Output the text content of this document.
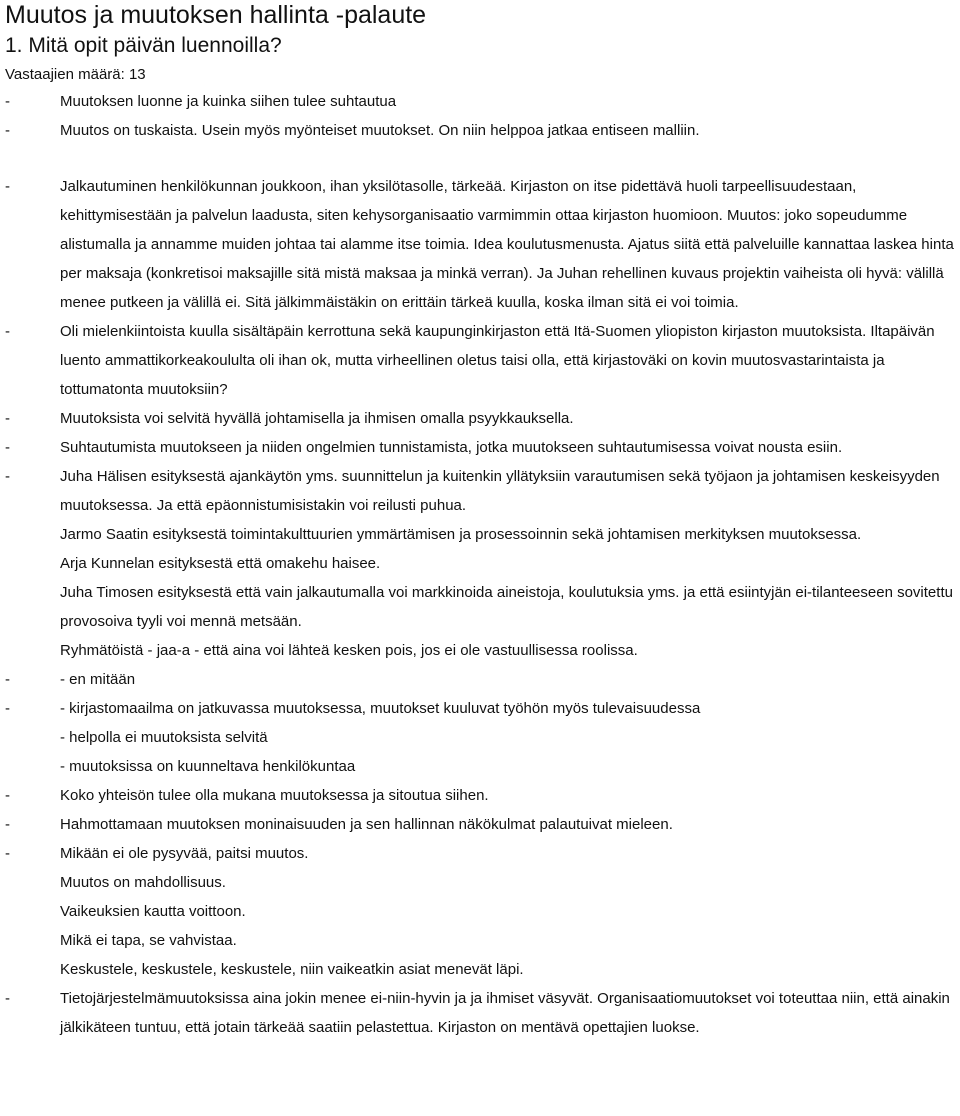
Muutos ja muutoksen hallinta -palaute
1. Mitä opit päivän luennoilla?
Vastaajien määrä: 13
-	Muutoksen luonne ja kuinka siihen tulee suhtautua
-	Muutos on tuskaista. Usein myös myönteiset muutokset. On niin helppoa jatkaa entiseen malliin.
-	Jalkautuminen henkilökunnan joukkoon, ihan yksilötasolle, tärkeää. Kirjaston on itse pidettävä huoli tarpeellisuudestaan, kehittymisestään ja palvelun laadusta, siten kehysorganisaatio varmimmin ottaa kirjaston huomioon. Muutos: joko sopeudumme alistumalla ja annamme muiden johtaa tai alamme itse toimia. Idea koulutusmenusta. Ajatus siitä että palveluille kannattaa laskea hinta per maksaja (konkretisoi maksajille sitä mistä maksaa ja minkä verran). Ja Juhan rehellinen kuvaus projektin vaiheista oli hyvä: välillä menee putkeen ja välillä ei. Sitä jälkimmäistäkin on erittäin tärkeä kuulla, koska ilman sitä ei voi toimia.
-	Oli mielenkiintoista kuulla sisältäpäin kerrottuna sekä kaupunginkirjaston että Itä-Suomen yliopiston kirjaston muutoksista. Iltapäivän luento ammattikorkeakoululta oli ihan ok, mutta virheellinen oletus taisi olla, että kirjastoväki on kovin muutosvastarintaista ja tottumatonta muutoksiin?
-	Muutoksista voi selvitä hyvällä johtamisella ja ihmisen omalla psyykkauksella.
-	Suhtautumista muutokseen ja niiden ongelmien tunnistamista, jotka muutokseen suhtautumisessa voivat nousta esiin.
-	Juha Hälisen esityksestä ajankäytön yms. suunnittelun ja kuitenkin yllätyksiin varautumisen sekä työjaon ja johtamisen keskeisyyden muutoksessa. Ja että epäonnistumisistakin voi reilusti puhua.
Jarmo Saatin esityksestä toimintakulttuurien ymmärtämisen ja prosessoinnin sekä johtamisen merkityksen muutoksessa.
Arja Kunnelan esityksestä että omakehu haisee.
Juha Timosen esityksestä että vain jalkautumalla voi markkinoida aineistoja, koulutuksia yms. ja että esiintyjän ei-tilanteeseen sovitettu provosoiva tyyli voi mennä metsään.
Ryhmätöistä - jaa-a - että aina voi lähteä kesken pois, jos ei ole vastuullisessa roolissa.
-	- en mitään
-	- kirjastomaailma on jatkuvassa muutoksessa, muutokset kuuluvat työhön myös tulevaisuudessa
- helpolla ei muutoksista selvitä
- muutoksissa on kuunneltava henkilökuntaa
-	Koko yhteisön tulee olla mukana muutoksessa ja sitoutua siihen.
-	Hahmottamaan muutoksen moninaisuuden ja sen hallinnan näkökulmat palautuivat mieleen.
-	Mikään ei ole pysyvää, paitsi muutos.
Muutos on mahdollisuus.
Vaikeuksien kautta voittoon.
Mikä ei tapa, se vahvistaa.
Keskustele, keskustele, keskustele, niin vaikeatkin asiat menevät läpi.
-	Tietojärjestelmämuutoksissa aina jokin menee ei-niin-hyvin ja ja ihmiset väsyvät. Organisaatiomuutokset voi toteuttaa niin, että ainakin jälkikäteen tuntuu, että jotain tärkeää saatiin pelastettua. Kirjaston on mentävä opettajien luokse.
